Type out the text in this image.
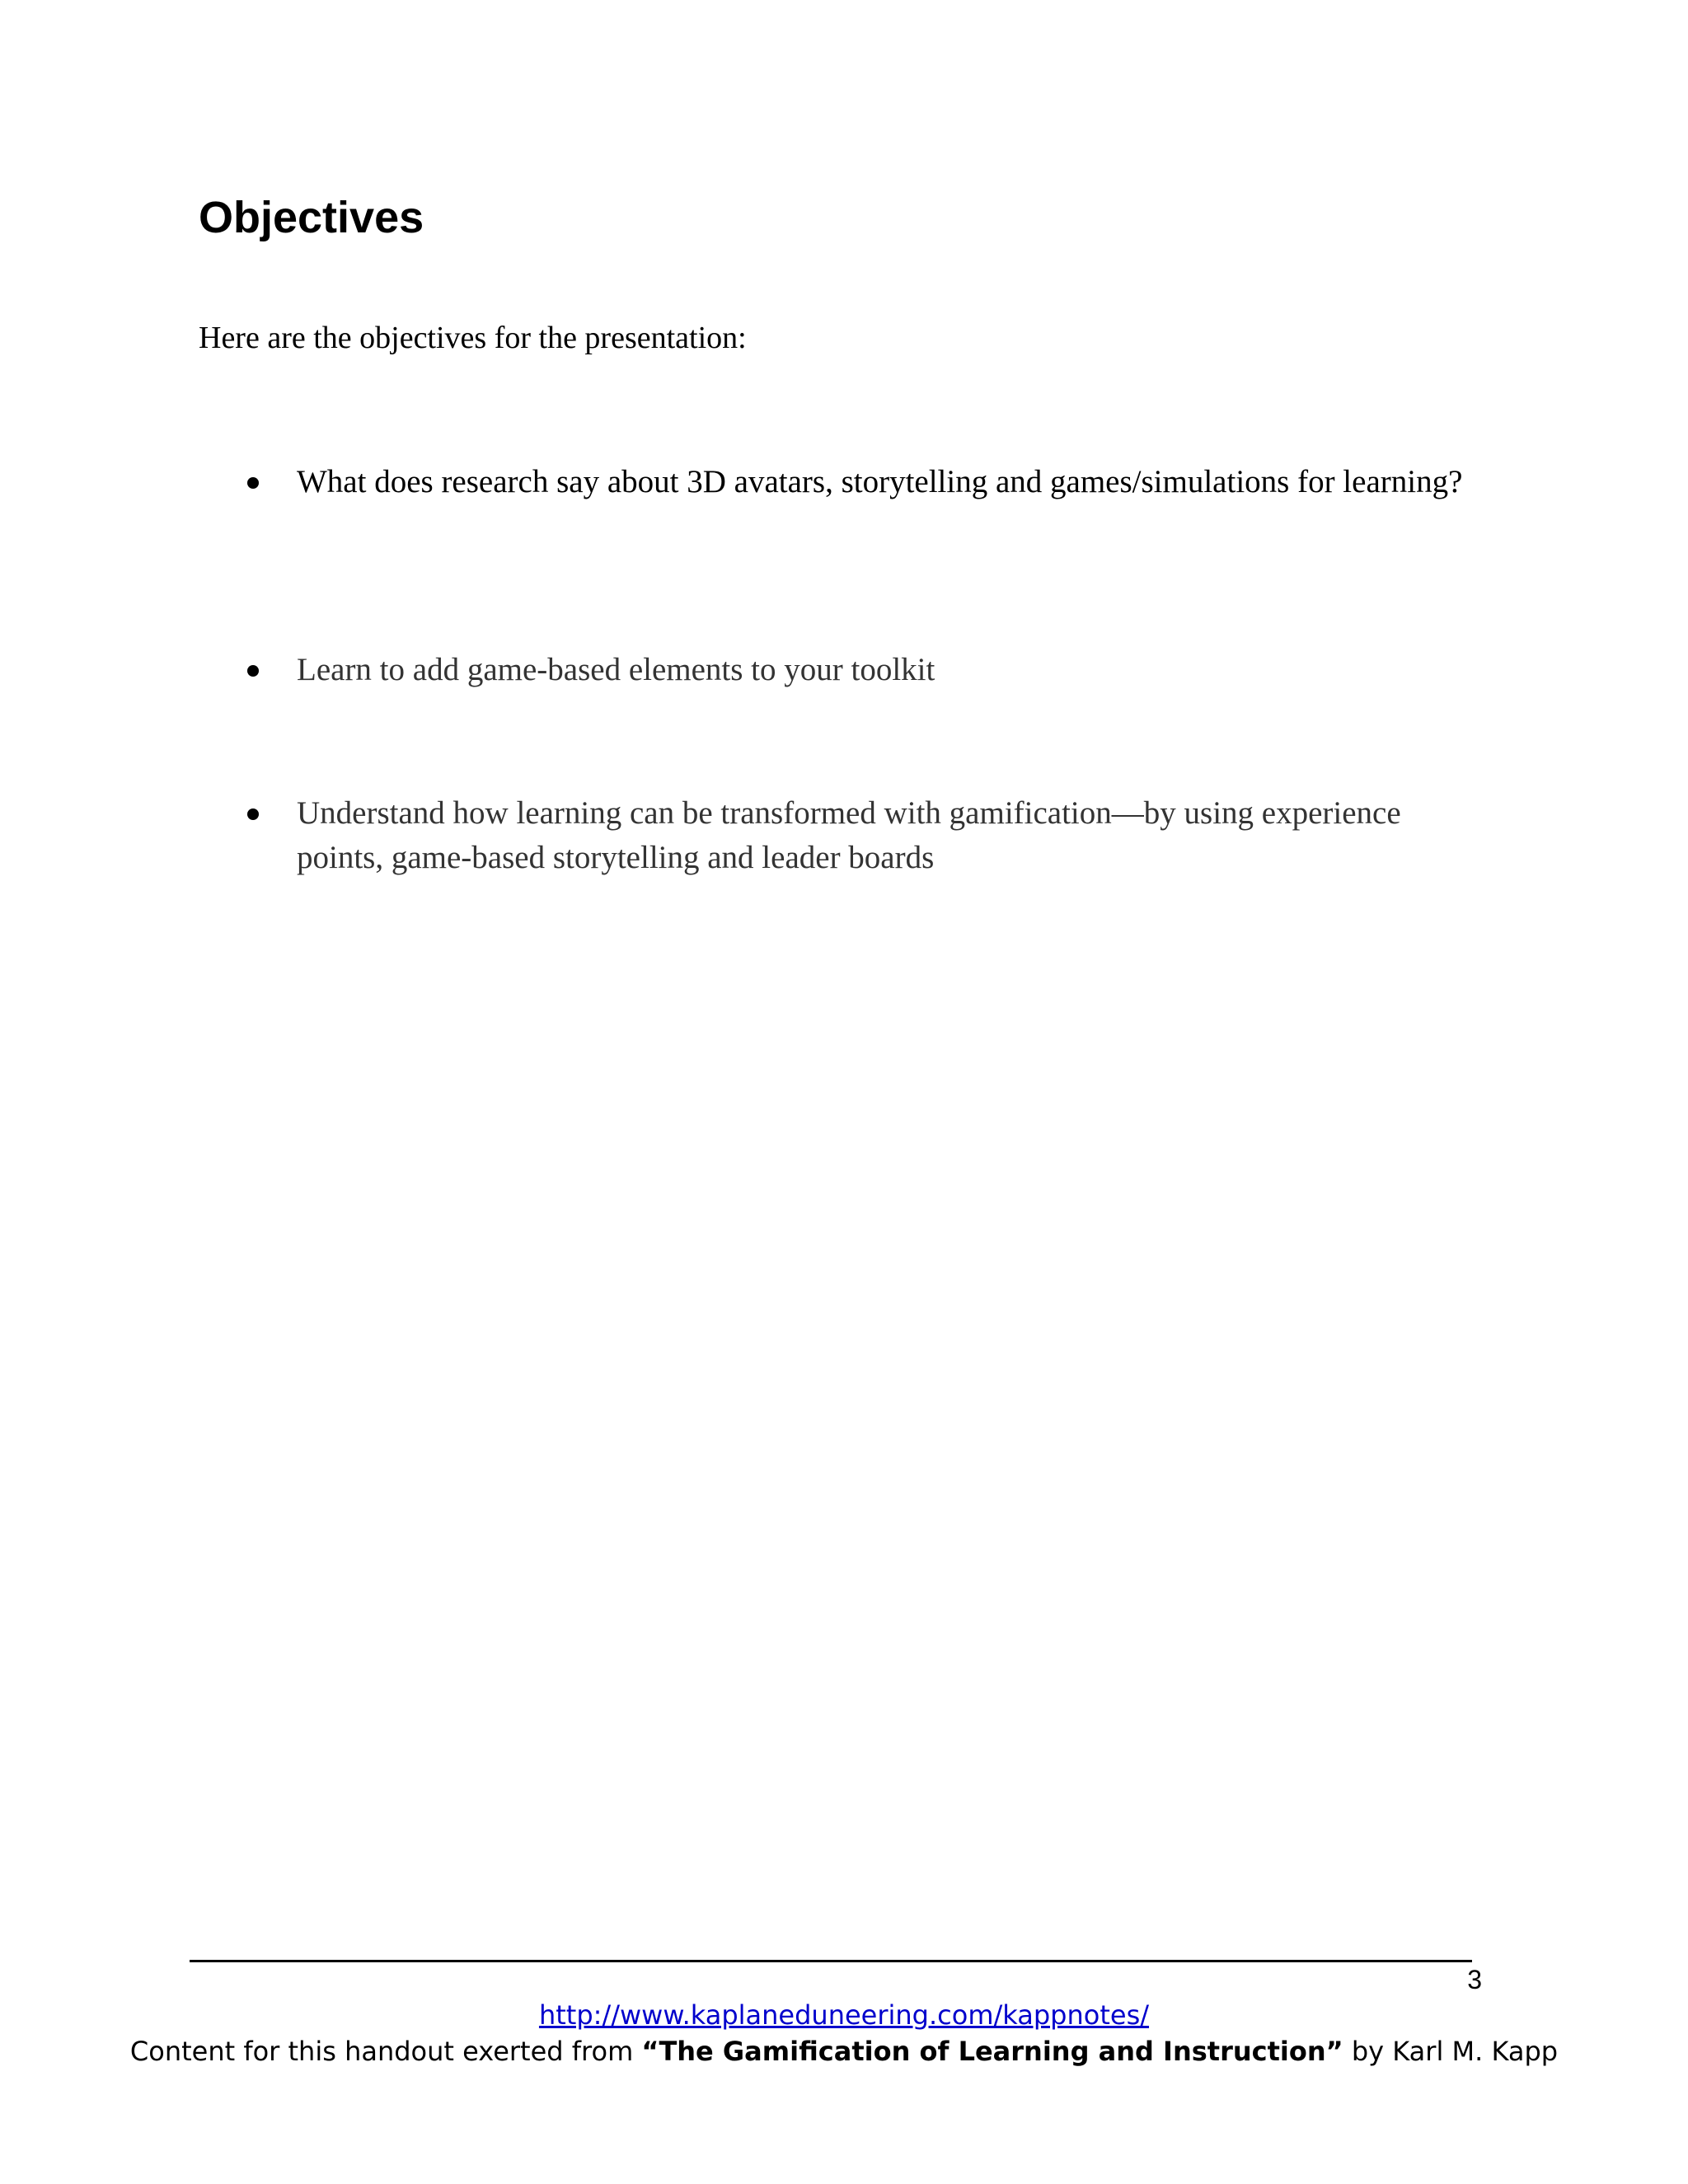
Objectives

Here are the objectives for the presentation:

What does research say about 3D avatars, storytelling and games/simulations for learning?
Learn to add game-based elements to your toolkit
Understand how learning can be transformed with gamification—by using experience points, game-based storytelling and leader boards
3
http://www.kaplaneduneering.com/kappnotes/
Content for this handout exerted from “The Gamification of Learning and Instruction” by Karl M. Kapp
